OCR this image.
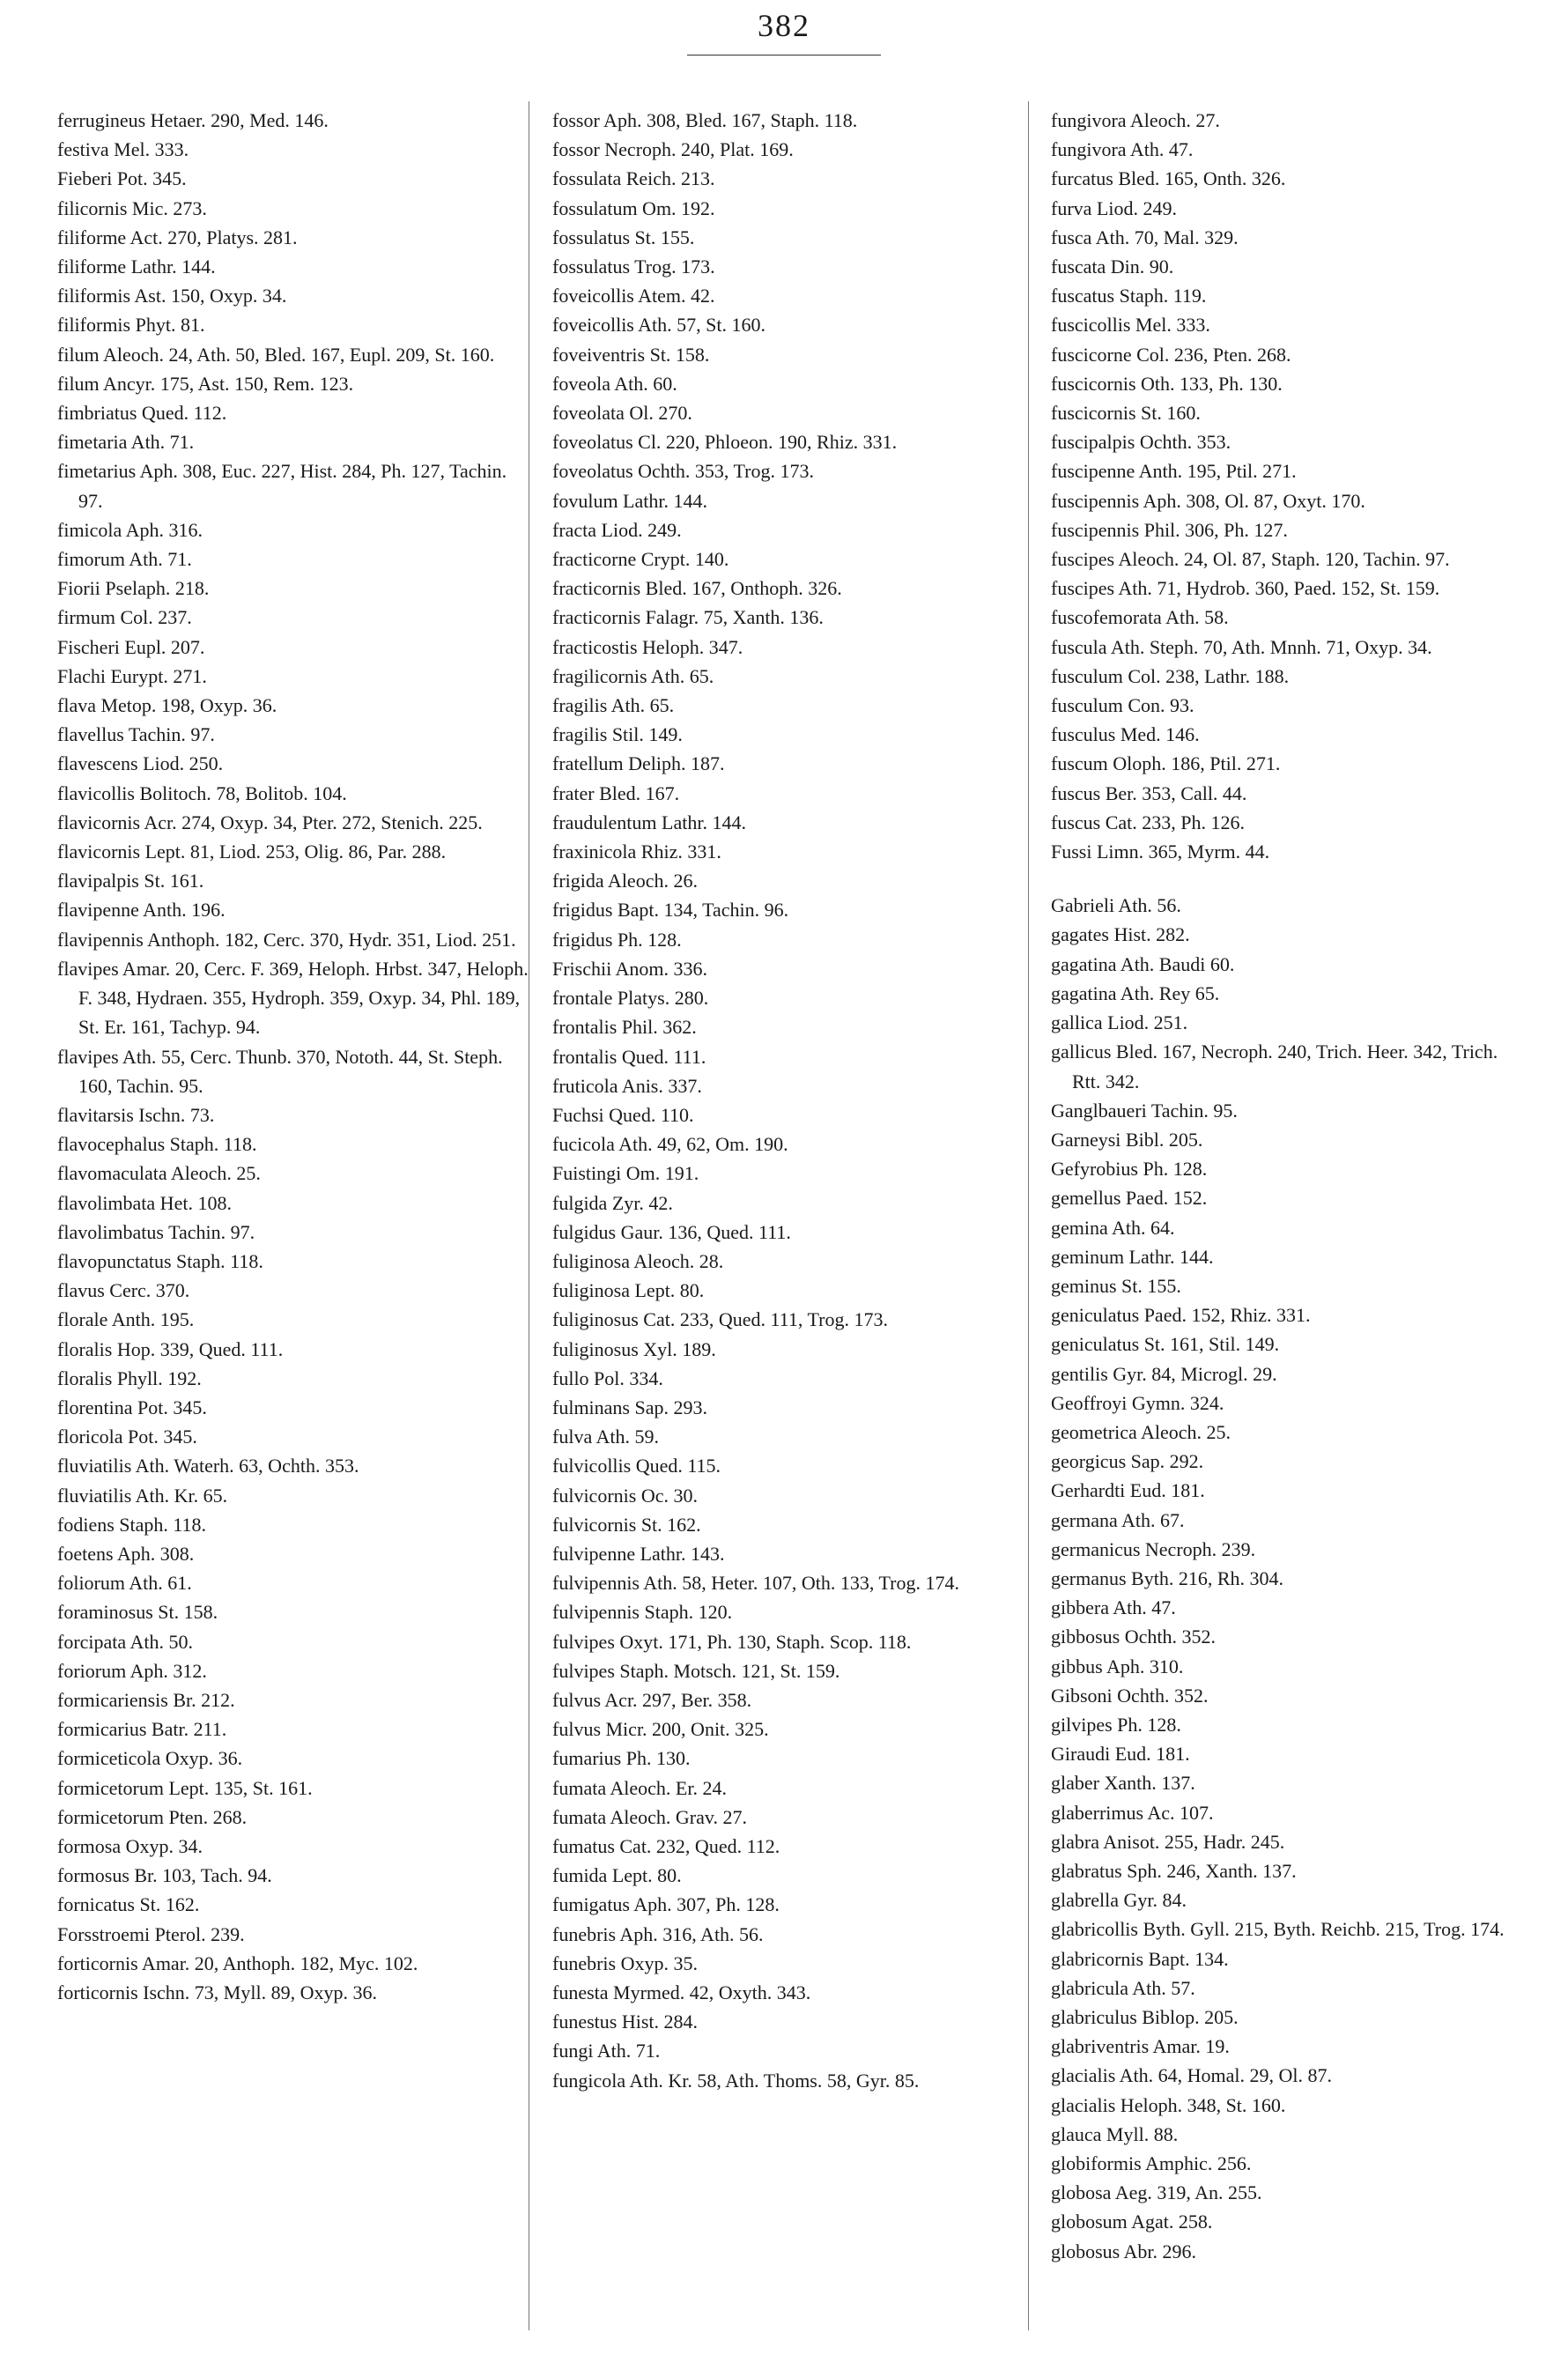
382
ferrugineus Hetaer. 290, Med. 146.
festiva Mel. 333.
Fieberi Pot. 345.
filicornis Mic. 273.
filiforme Act. 270, Platys. 281.
filiforme Lathr. 144.
filiformis Ast. 150, Oxyp. 34.
filiformis Phyt. 81.
filum Aleoch. 24, Ath. 50, Bled. 167, Eupl. 209, St. 160.
filum Ancyr. 175, Ast. 150, Rem. 123.
fimbriatus Qued. 112.
fimetaria Ath. 71.
fimetarius Aph. 308, Euc. 227, Hist. 284, Ph. 127, Tachin. 97.
fimicola Aph. 316.
fimorum Ath. 71.
Fiorii Pselaph. 218.
firmum Col. 237.
Fischeri Eupl. 207.
Flachi Eurypt. 271.
flava Metop. 198, Oxyp. 36.
flavellus Tachin. 97.
flavescens Liod. 250.
flavicollis Bolitoch. 78, Bolitob. 104.
flavicornis Acr. 274, Oxyp. 34, Pter. 272, Stenich. 225.
flavicornis Lept. 81, Liod. 253, Olig. 86, Par. 288.
flavipalpis St. 161.
flavipenne Anth. 196.
flavipennis Anthoph. 182, Cerc. 370, Hydr. 351, Liod. 251.
flavipes Amar. 20, Cerc. F. 369, Heloph. Hrbst. 347, Heloph. F. 348, Hydraen. 355, Hydroph. 359, Oxyp. 34, Phl. 189, St. Er. 161, Tachyp. 94.
flavipes Ath. 55, Cerc. Thunb. 370, Nototh. 44, St. Steph. 160, Tachin. 95.
flavitarsis Ischn. 73.
flavocephalus Staph. 118.
flavomaculata Aleoch. 25.
flavolimbata Het. 108.
flavolimbatus Tachin. 97.
flavopunctatus Staph. 118.
flavus Cerc. 370.
florale Anth. 195.
floralis Hop. 339, Qued. 111.
floralis Phyll. 192.
florentina Pot. 345.
floricola Pot. 345.
fluviatilis Ath. Waterh. 63, Ochth. 353.
fluviatilis Ath. Kr. 65.
fodiens Staph. 118.
foetens Aph. 308.
foliorum Ath. 61.
foraminosus St. 158.
forcipata Ath. 50.
foriorum Aph. 312.
formicariensis Br. 212.
formicarius Batr. 211.
formiceticola Oxyp. 36.
formicetorum Lept. 135, St. 161.
formicetorum Pten. 268.
formosa Oxyp. 34.
formosus Br. 103, Tach. 94.
fornicatus St. 162.
Forsstroemi Pterol. 239.
forticornis Amar. 20, Anthoph. 182, Myc. 102.
forticornis Ischn. 73, Myll. 89, Oxyp. 36.
fossor Aph. 308, Bled. 167, Staph. 118.
fossor Necroph. 240, Plat. 169.
fossulata Reich. 213.
fossulatum Om. 192.
fossulatus St. 155.
fossulatus Trog. 173.
foveicollis Atem. 42.
foveicollis Ath. 57, St. 160.
foveiventris St. 158.
foveola Ath. 60.
foveolata Ol. 270.
foveolatus Cl. 220, Phloeon. 190, Rhiz. 331.
foveolatus Ochth. 353, Trog. 173.
fovulum Lathr. 144.
fracta Liod. 249.
fracticorne Crypt. 140.
fracticornis Bled. 167, Onthoph. 326.
fracticornis Falagr. 75, Xanth. 136.
fracticostis Heloph. 347.
fragilicornis Ath. 65.
fragilis Ath. 65.
fragilis Stil. 149.
fratellum Deliph. 187.
frater Bled. 167.
fraudulentum Lathr. 144.
fraxinicola Rhiz. 331.
frigida Aleoch. 26.
frigidus Bapt. 134, Tachin. 96.
frigidus Ph. 128.
Frischii Anom. 336.
frontale Platys. 280.
frontalis Phil. 362.
frontalis Qued. 111.
fruticola Anis. 337.
Fuchsi Qued. 110.
fucicola Ath. 49, 62, Om. 190.
Fuistingi Om. 191.
fulgida Zyr. 42.
fulgidus Gaur. 136, Qued. 111.
fuliginosa Aleoch. 28.
fuliginosa Lept. 80.
fuliginosus Cat. 233, Qued. 111, Trog. 173.
fuliginosus Xyl. 189.
fullo Pol. 334.
fulminans Sap. 293.
fulva Ath. 59.
fulvicollis Qued. 115.
fulvicornis Oc. 30.
fulvicornis St. 162.
fulvipenne Lathr. 143.
fulvipennis Ath. 58, Heter. 107, Oth. 133, Trog. 174.
fulvipennis Staph. 120.
fulvipes Oxyt. 171, Ph. 130, Staph. Scop. 118.
fulvipes Staph. Motsch. 121, St. 159.
fulvus Acr. 297, Ber. 358.
fulvus Micr. 200, Onit. 325.
fumarius Ph. 130.
fumata Aleoch. Er. 24.
fumata Aleoch. Grav. 27.
fumatus Cat. 232, Qued. 112.
fumida Lept. 80.
fumigatus Aph. 307, Ph. 128.
funebris Aph. 316, Ath. 56.
funebris Oxyp. 35.
funesta Myrmed. 42, Oxyth. 343.
funestus Hist. 284.
fungi Ath. 71.
fungicola Ath. Kr. 58, Ath. Thoms. 58, Gyr. 85.
fungivora Aleoch. 27.
fungivora Ath. 47.
furcatus Bled. 165, Onth. 326.
furva Liod. 249.
fusca Ath. 70, Mal. 329.
fuscata Din. 90.
fuscatus Staph. 119.
fuscicollis Mel. 333.
fuscicorne Col. 236, Pten. 268.
fuscicornis Oth. 133, Ph. 130.
fuscicornis St. 160.
fuscipalpis Ochth. 353.
fuscipenne Anth. 195, Ptil. 271.
fuscipennis Aph. 308, Ol. 87, Oxyt. 170.
fuscipennis Phil. 306, Ph. 127.
fuscipes Aleoch. 24, Ol. 87, Staph. 120, Tachin. 97.
fuscipes Ath. 71, Hydrob. 360, Paed. 152, St. 159.
fuscofemorata Ath. 58.
fuscula Ath. Steph. 70, Ath. Mnnh. 71, Oxyp. 34.
fusculum Col. 238, Lathr. 188.
fusculum Con. 93.
fusculus Med. 146.
fuscum Oloph. 186, Ptil. 271.
fuscus Ber. 353, Call. 44.
fuscus Cat. 233, Ph. 126.
Fussi Limn. 365, Myrm. 44.
Gabrieli Ath. 56.
gagates Hist. 282.
gagatina Ath. Baudi 60.
gagatina Ath. Rey 65.
gallica Liod. 251.
gallicus Bled. 167, Necroph. 240, Trich. Heer. 342, Trich. Rtt. 342.
Ganglbaueri Tachin. 95.
Garneysi Bibl. 205.
Gefyrobius Ph. 128.
gemellus Paed. 152.
gemina Ath. 64.
geminum Lathr. 144.
geminus St. 155.
geniculatus Paed. 152, Rhiz. 331.
geniculatus St. 161, Stil. 149.
gentilis Gyr. 84, Microgl. 29.
Geoffroyi Gymn. 324.
geometrica Aleoch. 25.
georgicus Sap. 292.
Gerhardti Eud. 181.
germana Ath. 67.
germanicus Necroph. 239.
germanus Byth. 216, Rh. 304.
gibbera Ath. 47.
gibbosus Ochth. 352.
gibbus Aph. 310.
Gibsoni Ochth. 352.
gilvipes Ph. 128.
Giraudi Eud. 181.
glaber Xanth. 137.
glaberrimus Ac. 107.
glabra Anisot. 255, Hadr. 245.
glabratus Sph. 246, Xanth. 137.
glabrella Gyr. 84.
glabricollis Byth. Gyll. 215, Byth. Reichb. 215, Trog. 174.
glabricornis Bapt. 134.
glabricula Ath. 57.
glabriculus Biblop. 205.
glabriventris Amar. 19.
glacialis Ath. 64, Homal. 29, Ol. 87.
glacialis Heloph. 348, St. 160.
glauca Myll. 88.
globiformis Amphic. 256.
globosa Aeg. 319, An. 255.
globosum Agat. 258.
globosus Abr. 296.
